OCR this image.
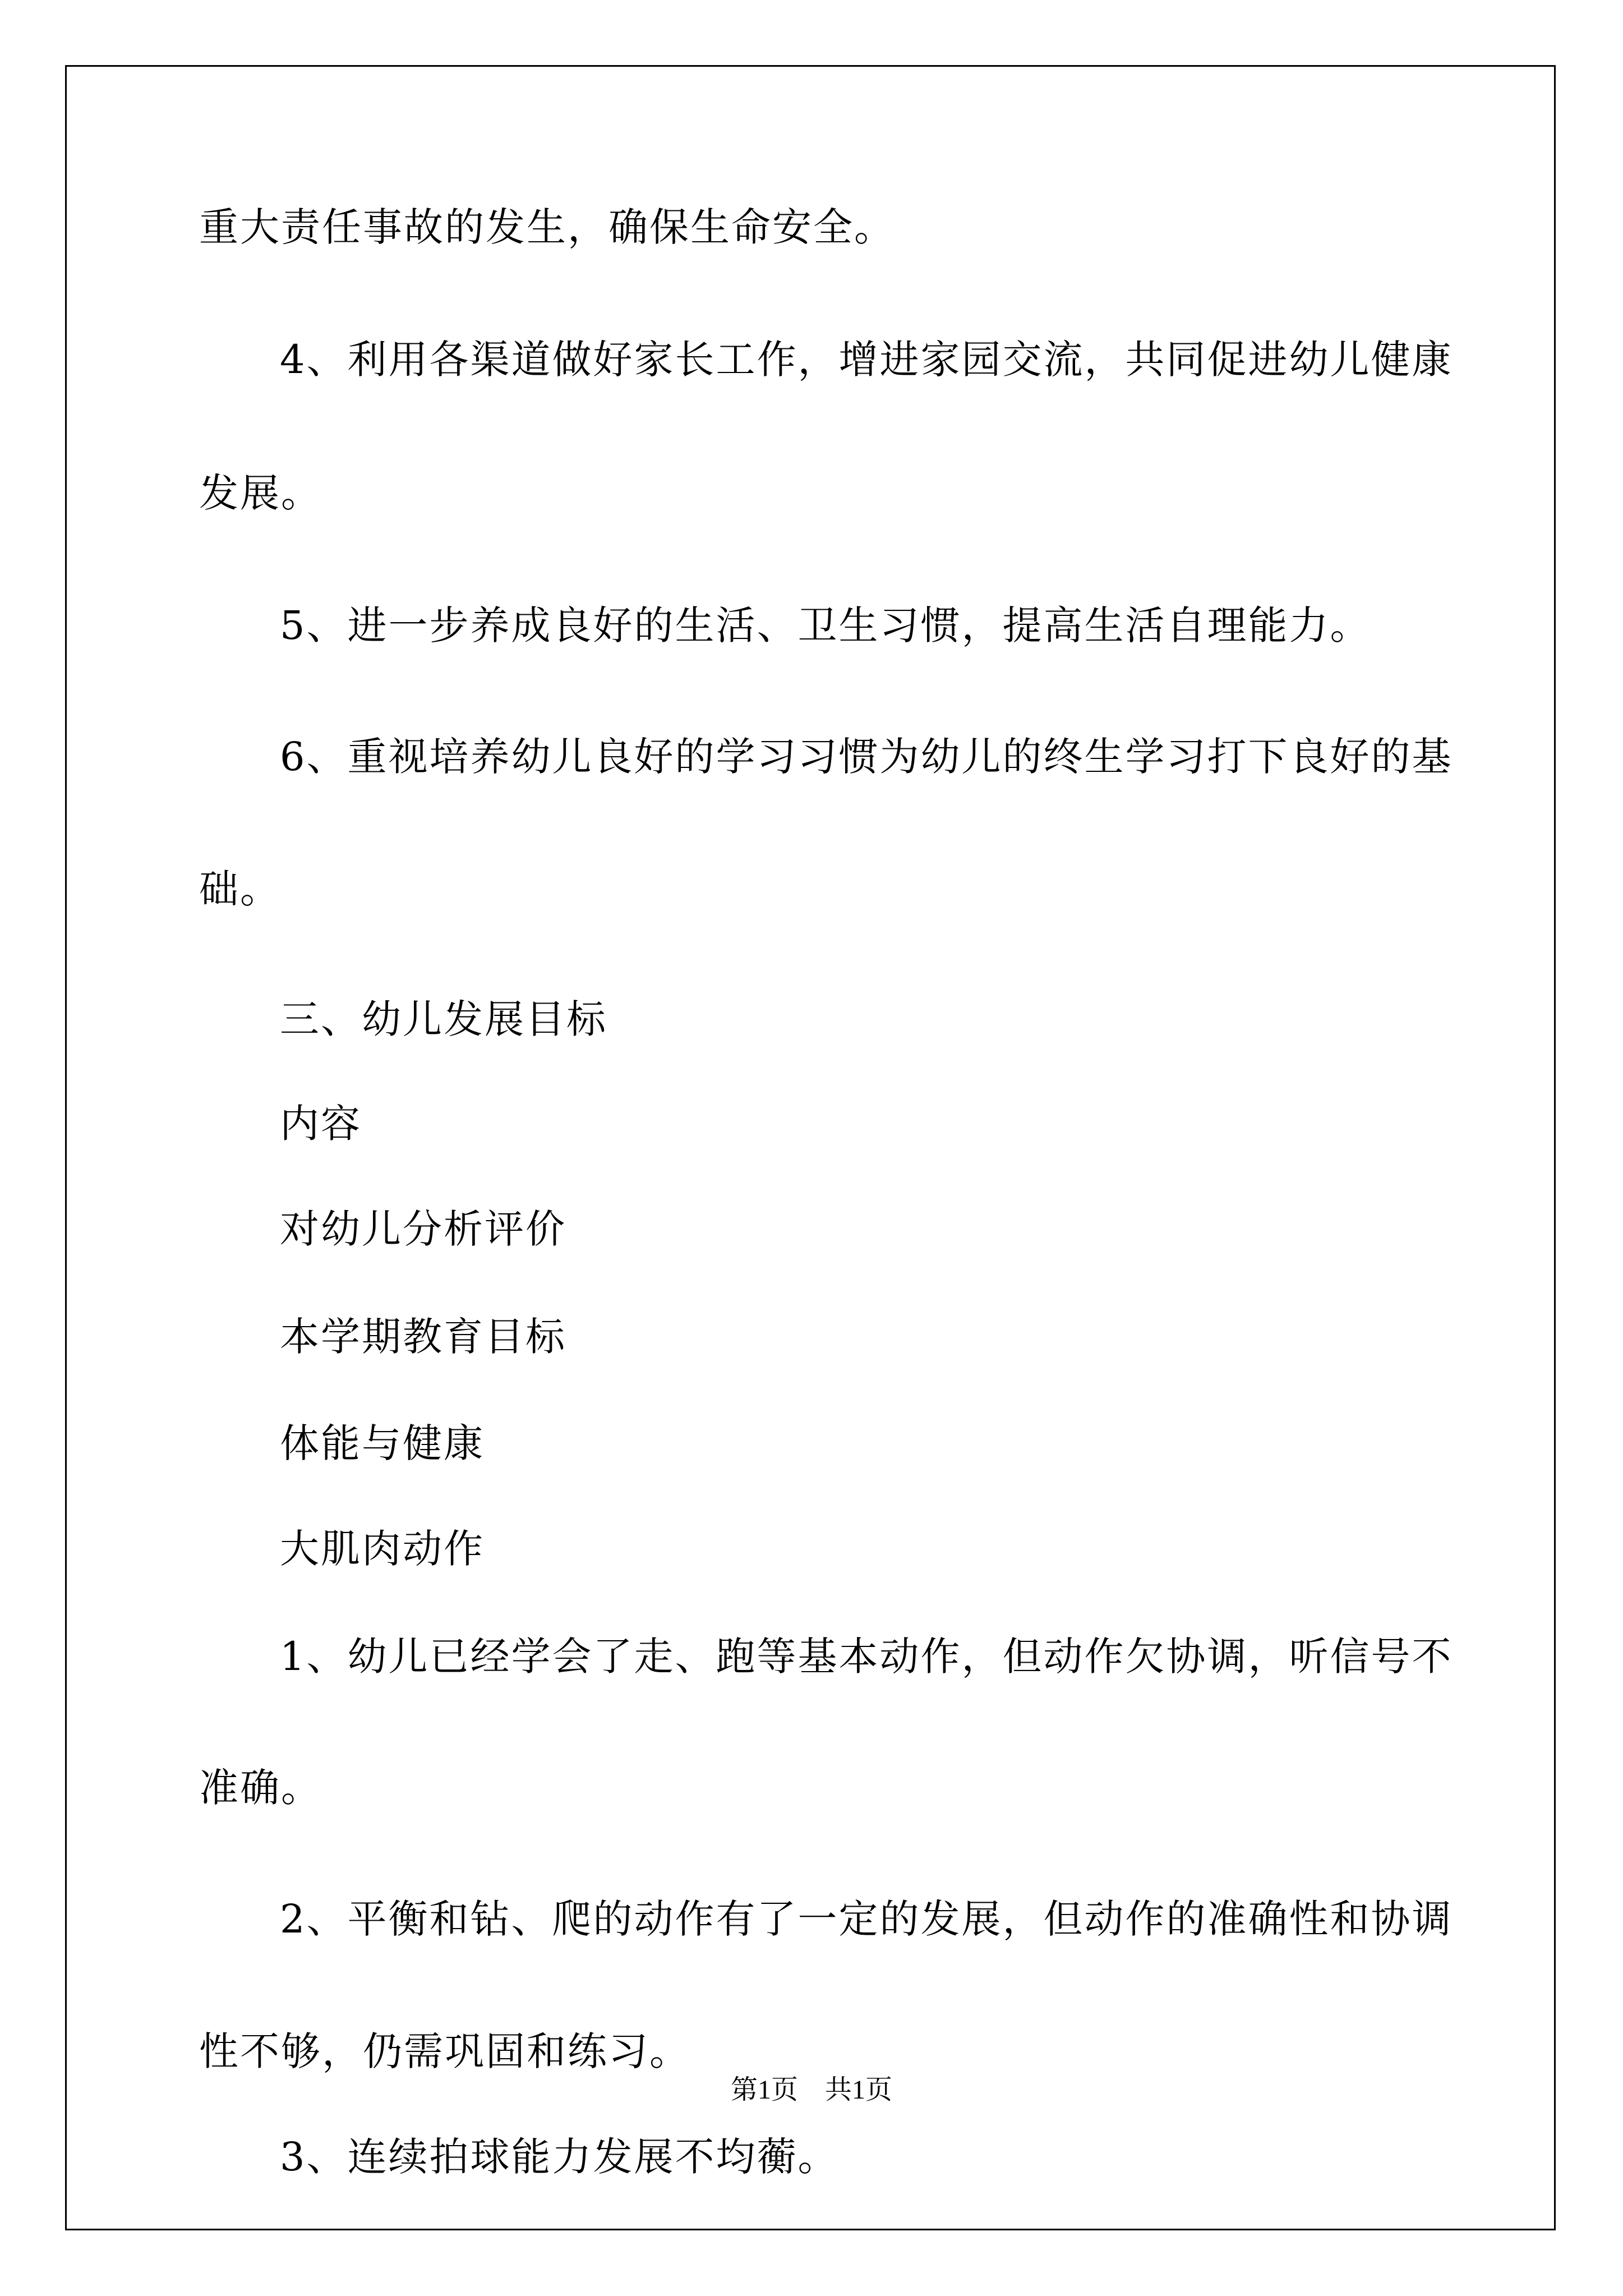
重大责任事故的发生，确保生命安全。
4、利用各渠道做好家长工作，增进家园交流，共同促进幼儿健康
发展。
5、进一步养成良好的生活、卫生习惯，提高生活自理能力。
6、重视培养幼儿良好的学习习惯为幼儿的终生学习打下良好的基
础。
三、幼儿发展目标
内容
对幼儿分析评价
本学期教育目标
体能与健康
大肌肉动作
1、幼儿已经学会了走、跑等基本动作，但动作欠协调，听信号不
准确。
2、平衡和钻、爬的动作有了一定的发展，但动作的准确性和协调
性不够，仍需巩固和练习。
3、连续拍球能力发展不均蘅。
第1页　共1页
